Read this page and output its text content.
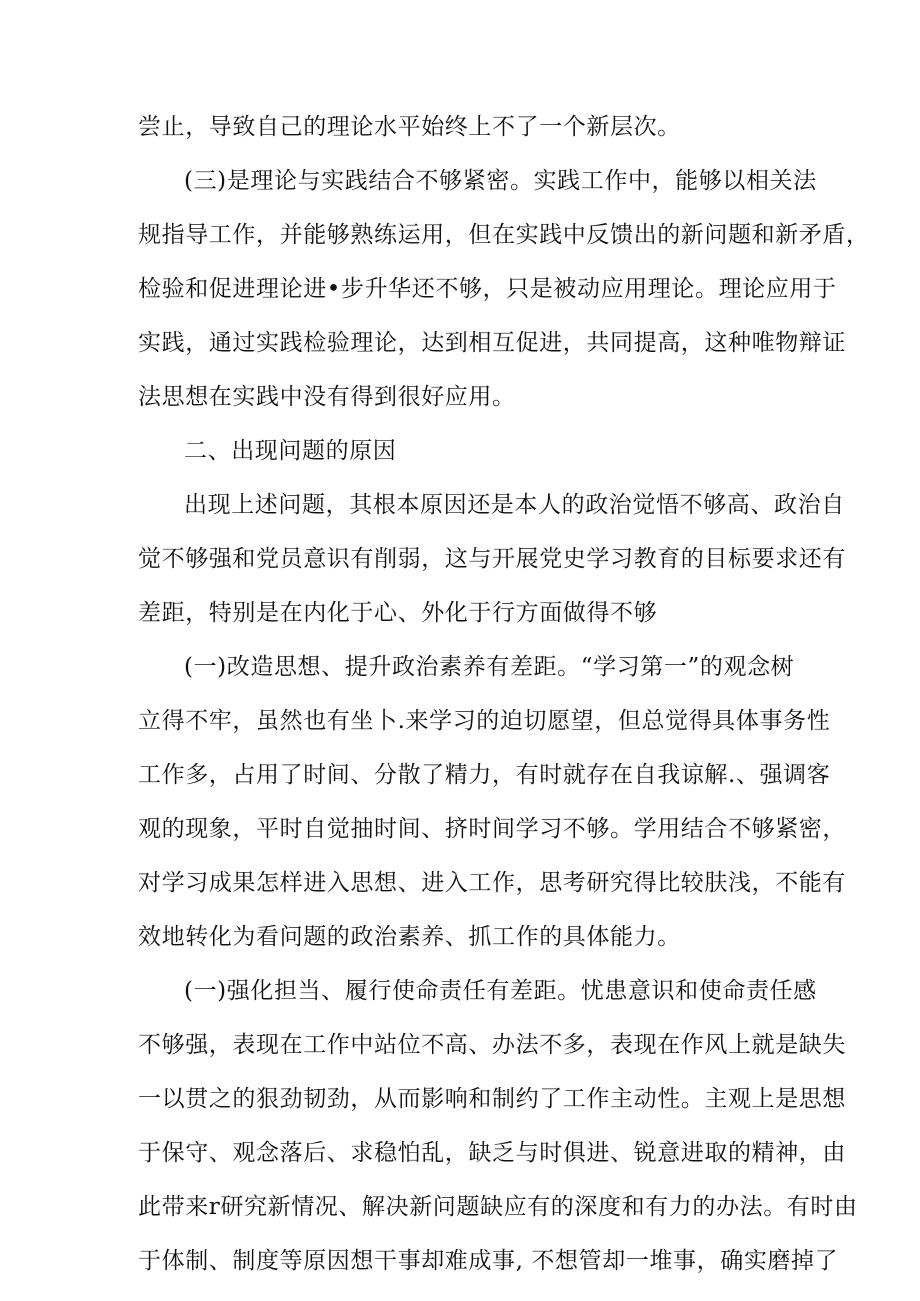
尝止，导致自己的理论水平始终上不了一个新层次。
(三)是理论与实践结合不够紧密。实践工作中，能够以相关法
规指导工作，并能够熟练运用，但在实践中反馈出的新问题和新矛盾，
检验和促进理论进•步升华还不够，只是被动应用理论。理论应用于
实践，通过实践检验理论，达到相互促进，共同提高，这种唯物辩证
法思想在实践中没有得到很好应用。
二、出现问题的原因
出现上述问题，其根本原因还是本人的政治觉悟不够高、政治自
觉不够强和党员意识有削弱，这与开展党史学习教育的目标要求还有
差距，特别是在内化于心、外化于行方面做得不够
(一)改造思想、提升政治素养有差距。“学习第一”的观念树
立得不牢，虽然也有坐卜.来学习的迫切愿望，但总觉得具体事务性
工作多，占用了时间、分散了精力，有时就存在自我谅解.、强调客
观的现象，平时自觉抽时间、挤时间学习不够。学用结合不够紧密，
对学习成果怎样进入思想、进入工作，思考研究得比较肤浅，不能有
效地转化为看问题的政治素养、抓工作的具体能力。
(一)强化担当、履行使命责任有差距。忧患意识和使命责任感
不够强，表现在工作中站位不高、办法不多，表现在作风上就是缺失
一以贯之的狠劲韧劲，从而影响和制约了工作主动性。主观上是思想
于保守、观念落后、求稳怕乱，缺乏与时俱进、锐意进取的精神，由
此带来r研究新情况、解决新问题缺应有的深度和有力的办法。有时由
于体制、制度等原因想干事却难成事, 不想管却一堆事，确实磨掉了
